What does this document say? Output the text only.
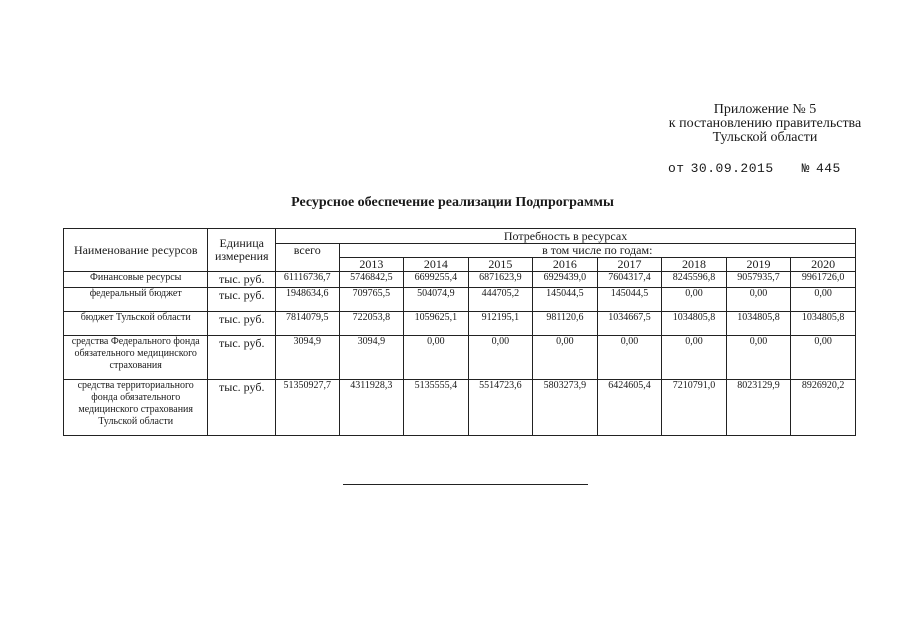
Приложение № 5
к постановлению правительства
Тульской области
от 30.09.2015 № 445
Ресурсное обеспечение реализации Подпрограммы
Наименование ресурсов	Единица измерения	Потребность в ресурсах								
		всего	в том числе по годам:							
			2013	2014	2015	2016	2017	2018	2019	2020
Финансовые ресурсы	тыс. руб.	61116736,7	5746842,5	6699255,4	6871623,9	6929439,0	7604317,4	8245596,8	9057935,7	9961726,0
федеральный бюджет	тыс. руб.	1948634,6	709765,5	504074,9	444705,2	145044,5	145044,5	0,00	0,00	0,00
бюджет Тульской области	тыс. руб.	7814079,5	722053,8	1059625,1	912195,1	981120,6	1034667,5	1034805,8	1034805,8	1034805,8
средства Федерального фонда обязательного медицинского страхования	тыс. руб.	3094,9	3094,9	0,00	0,00	0,00	0,00	0,00	0,00	0,00
средства территориального фонда обязательного медицинского страхования Тульской области	тыс. руб.	51350927,7	4311928,3	5135555,4	5514723,6	5803273,9	6424605,4	7210791,0	8023129,9	8926920,2
